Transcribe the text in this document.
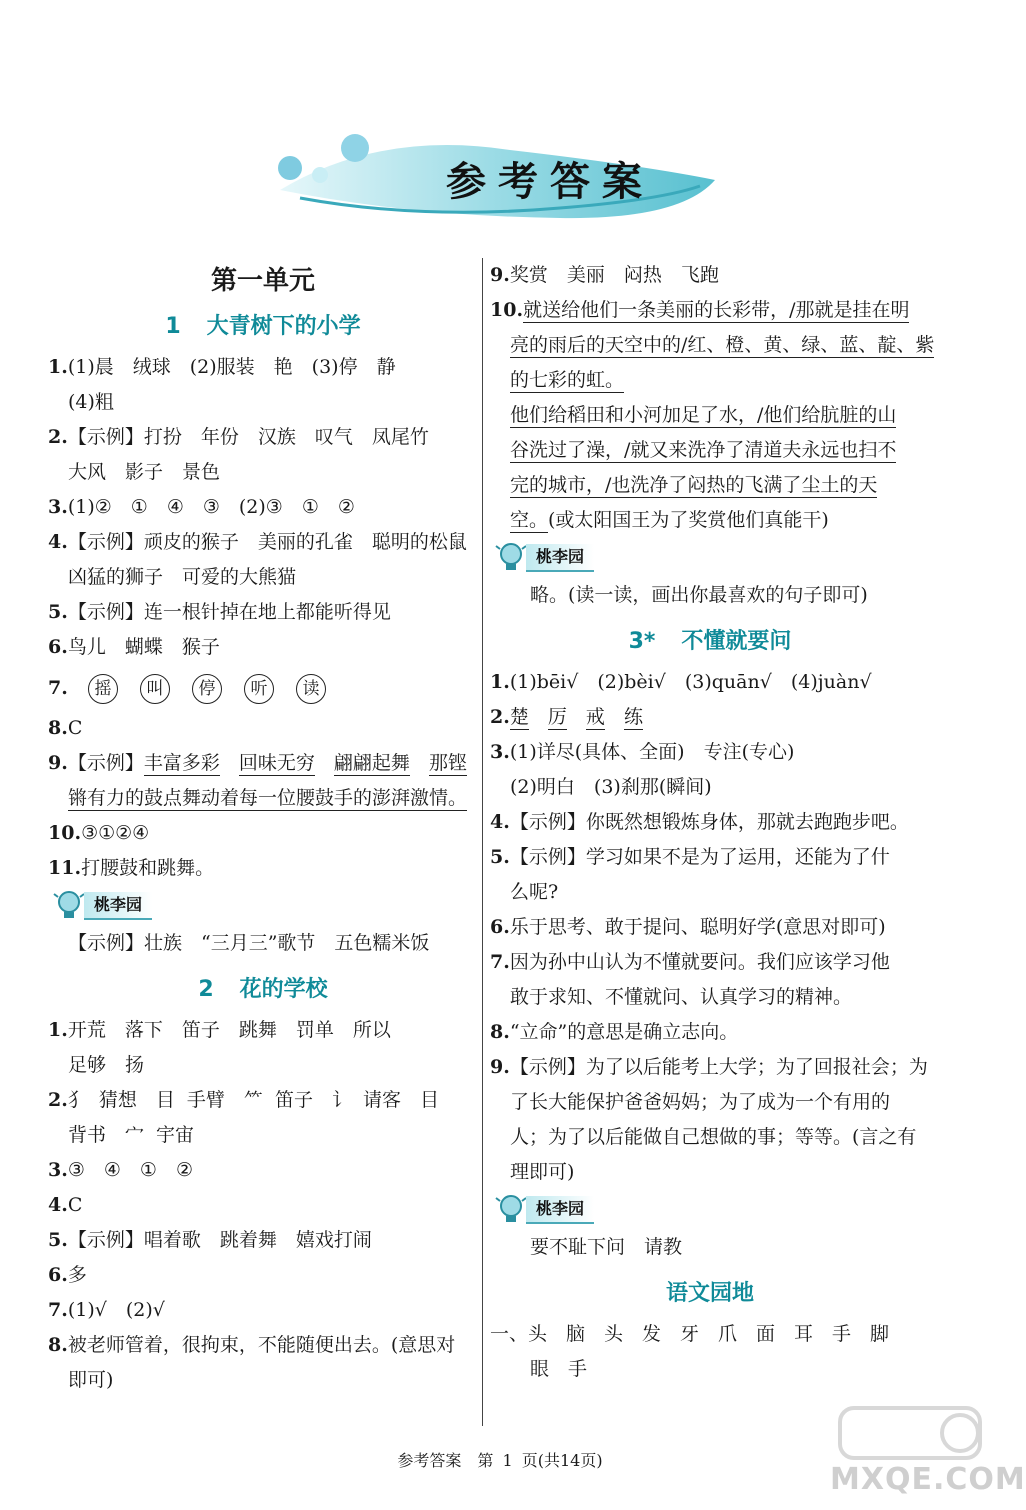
参考答案
第一单元
1 大青树下的小学
1.(1)晨　绒球　(2)服装　艳　(3)停　静
(4)粗
2.【示例】打扮　年份　汉族　叹气　凤尾竹
大风　影子　景色
3.(1)②　①　④　③　(2)③　①　②
4.【示例】顽皮的猴子　美丽的孔雀　聪明的松鼠
凶猛的狮子　可爱的大熊猫
5.【示例】连一根针掉在地上都能听得见
6.鸟儿　蝴蝶　猴子
7. 摇 叫 停 听 读
8.C
9.【示例】丰富多彩　 回味无穷　 翩翩起舞　 那铿
锵有力的鼓点舞动着每一位腰鼓手的澎湃激情。
10.③①②④
11.打腰鼓和跳舞。
桃李园
【示例】壮族　“三月三”歌节　五色糯米饭
2 花的学校
1.开荒　落下　笛子　跳舞　罚单　所以
足够　扬
2.犭 猜想　目 手臂　⺮ 笛子　讠 请客　目
背书　宀 宇宙
3.③　④　①　②
4.C
5.【示例】唱着歌　跳着舞　嬉戏打闹
6.多
7.(1)√　(2)√
8.被老师管着，很拘束，不能随便出去。(意思对
即可)
9.奖赏　美丽　闷热　飞跑
10.就送给他们一条美丽的长彩带，/那就是挂在明
亮的雨后的天空中的/红、橙、黄、绿、蓝、靛、紫
的七彩的虹。
他们给稻田和小河加足了水，/他们给肮脏的山
谷洗过了澡，/就又来洗净了清道夫永远也扫不
完的城市，/也洗净了闷热的飞满了尘土的天
空。(或太阳国王为了奖赏他们真能干)
桃李园
略。(读一读，画出你最喜欢的句子即可)
3* 不懂就要问
1.(1)bēi√　(2)bèi√　(3)quān√　(4)juàn√
2.楚　 厉　 戒　 练
3.(1)详尽(具体、全面)　专注(专心)
(2)明白　(3)刹那(瞬间)
4.【示例】你既然想锻炼身体，那就去跑跑步吧。
5.【示例】学习如果不是为了运用，还能为了什
么呢?
6.乐于思考、敢于提问、聪明好学(意思对即可)
7.因为孙中山认为不懂就要问。我们应该学习他
敢于求知、不懂就问、认真学习的精神。
8.“立命”的意思是确立志向。
9.【示例】为了以后能考上大学；为了回报社会；为
了长大能保护爸爸妈妈；为了成为一个有用的
人；为了以后能做自己想做的事；等等。(言之有
理即可)
桃李园
要不耻下问　请教
语文园地
一、头　脑　头　发　牙　爪　面　耳　手　脚
眼　手
参考答案　第 1 页(共14页)
MXQE.COM
